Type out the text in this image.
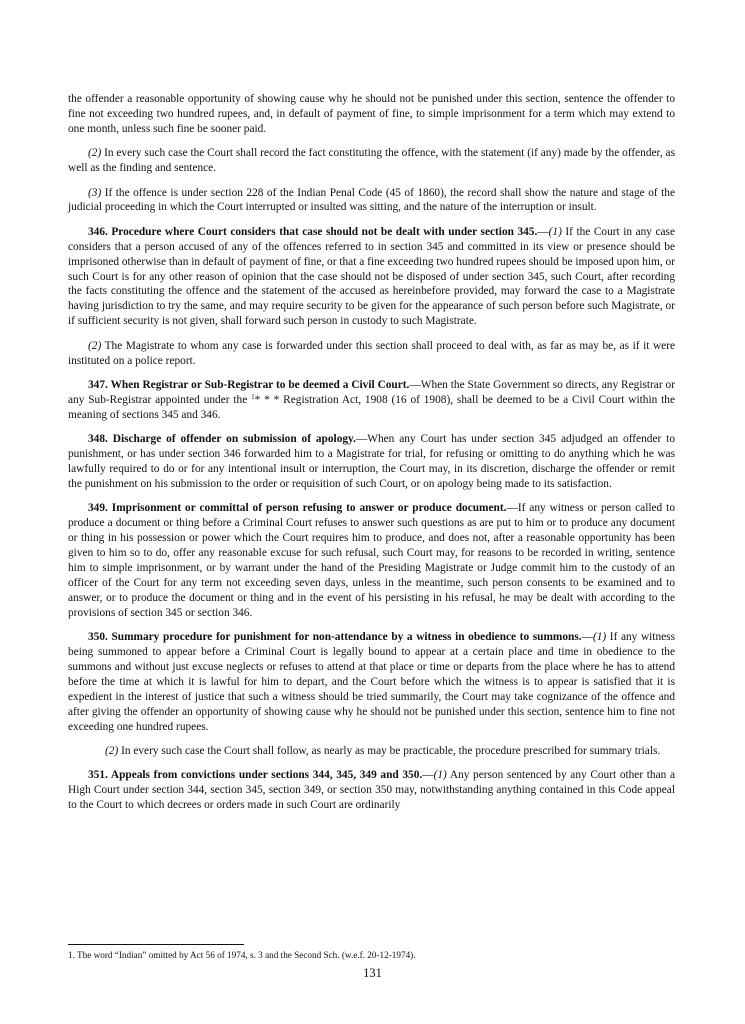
the offender a reasonable opportunity of showing cause why he should not be punished under this section, sentence the offender to fine not exceeding two hundred rupees, and, in default of payment of fine, to simple imprisonment for a term which may extend to one month, unless such fine be sooner paid.

(2) In every such case the Court shall record the fact constituting the offence, with the statement (if any) made by the offender, as well as the finding and sentence.

(3) If the offence is under section 228 of the Indian Penal Code (45 of 1860), the record shall show the nature and stage of the judicial proceeding in which the Court interrupted or insulted was sitting, and the nature of the interruption or insult.

346. Procedure where Court considers that case should not be dealt with under section 345.—(1) If the Court in any case considers that a person accused of any of the offences referred to in section 345 and committed in its view or presence should be imprisoned otherwise than in default of payment of fine, or that a fine exceeding two hundred rupees should be imposed upon him, or such Court is for any other reason of opinion that the case should not be disposed of under section 345, such Court, after recording the facts constituting the offence and the statement of the accused as hereinbefore provided, may forward the case to a Magistrate having jurisdiction to try the same, and may require security to be given for the appearance of such person before such Magistrate, or if sufficient security is not given, shall forward such person in custody to such Magistrate.

(2) The Magistrate to whom any case is forwarded under this section shall proceed to deal with, as far as may be, as if it were instituted on a police report.

347. When Registrar or Sub-Registrar to be deemed a Civil Court.—When the State Government so directs, any Registrar or any Sub-Registrar appointed under the $^1$* * * Registration Act, 1908 (16 of 1908), shall be deemed to be a Civil Court within the meaning of sections 345 and 346.

348. Discharge of offender on submission of apology.—When any Court has under section 345 adjudged an offender to punishment, or has under section 346 forwarded him to a Magistrate for trial, for refusing or omitting to do anything which he was lawfully required to do or for any intentional insult or interruption, the Court may, in its discretion, discharge the offender or remit the punishment on his submission to the order or requisition of such Court, or on apology being made to its satisfaction.

349. Imprisonment or committal of person refusing to answer or produce document.—If any witness or person called to produce a document or thing before a Criminal Court refuses to answer such questions as are put to him or to produce any document or thing in his possession or power which the Court requires him to produce, and does not, after a reasonable opportunity has been given to him so to do, offer any reasonable excuse for such refusal, such Court may, for reasons to be recorded in writing, sentence him to simple imprisonment, or by warrant under the hand of the Presiding Magistrate or Judge commit him to the custody of an officer of the Court for any term not exceeding seven days, unless in the meantime, such person consents to be examined and to answer, or to produce the document or thing and in the event of his persisting in his refusal, he may be dealt with according to the provisions of section 345 or section 346.

350. Summary procedure for punishment for non-attendance by a witness in obedience to summons.—(1) If any witness being summoned to appear before a Criminal Court is legally bound to appear at a certain place and time in obedience to the summons and without just excuse neglects or refuses to attend at that place or time or departs from the place where he has to attend before the time at which it is lawful for him to depart, and the Court before which the witness is to appear is satisfied that it is expedient in the interest of justice that such a witness should be tried summarily, the Court may take cognizance of the offence and after giving the offender an opportunity of showing cause why he should not be punished under this section, sentence him to fine not exceeding one hundred rupees.

(2) In every such case the Court shall follow, as nearly as may be practicable, the procedure prescribed for summary trials.

351. Appeals from convictions under sections 344, 345, 349 and 350.—(1) Any person sentenced by any Court other than a High Court under section 344, section 345, section 349, or section 350 may, notwithstanding anything contained in this Code appeal to the Court to which decrees or orders made in such Court are ordinarily

1. The word “Indian” omitted by Act 56 of 1974, s. 3 and the Second Sch. (w.e.f. 20-12-1974).
131
